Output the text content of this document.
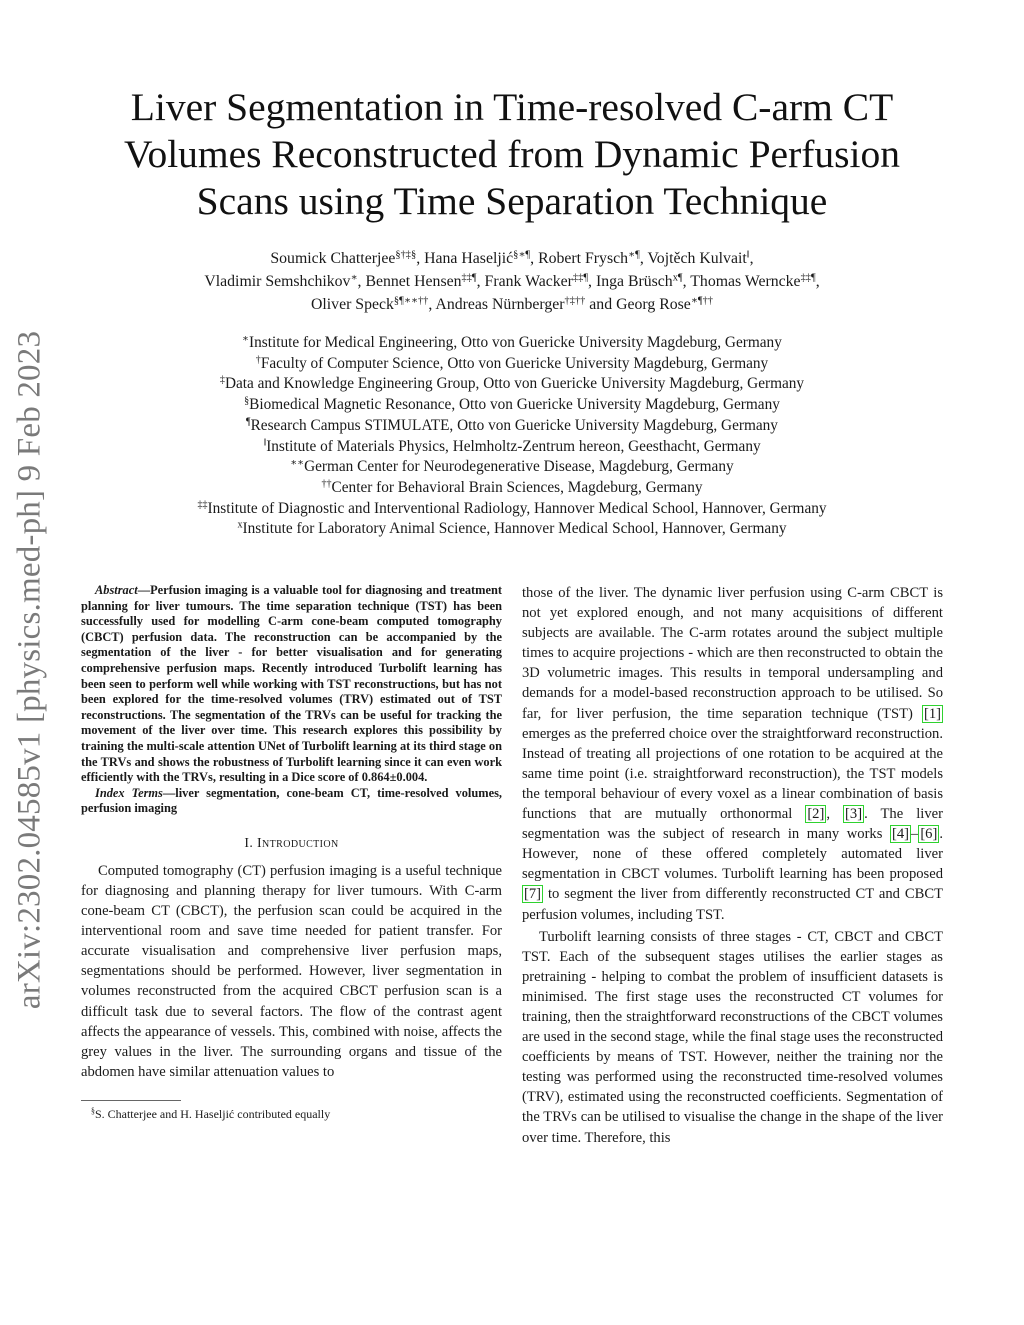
arXiv:2302.04585v1 [physics.med-ph] 9 Feb 2023
Liver Segmentation in Time-resolved C-arm CT
Volumes Reconstructed from Dynamic Perfusion
Scans using Time Separation Technique
Soumick Chatterjee§†‡§, Hana Haseljić§∗¶, Robert Frysch∗¶, Vojtěch Kulvait‖,
Vladimir Semshchikov∗, Bennet Hensen‡‡¶, Frank Wacker‡‡¶, Inga Brüsch$^{x\P}$, Thomas Werncke‡‡¶,
Oliver Speck§¶∗∗††, Andreas Nürnberger†‡†† and Georg Rose∗¶††
∗Institute for Medical Engineering, Otto von Guericke University Magdeburg, Germany
†Faculty of Computer Science, Otto von Guericke University Magdeburg, Germany
‡Data and Knowledge Engineering Group, Otto von Guericke University Magdeburg, Germany
§Biomedical Magnetic Resonance, Otto von Guericke University Magdeburg, Germany
¶Research Campus STIMULATE, Otto von Guericke University Magdeburg, Germany
‖Institute of Materials Physics, Helmholtz-Zentrum hereon, Geesthacht, Germany
∗∗German Center for Neurodegenerative Disease, Magdeburg, Germany
††Center for Behavioral Brain Sciences, Magdeburg, Germany
‡‡Institute of Diagnostic and Interventional Radiology, Hannover Medical School, Hannover, Germany
$^x$Institute for Laboratory Animal Science, Hannover Medical School, Hannover, Germany

Abstract—Perfusion imaging is a valuable tool for diagnosing and treatment planning for liver tumours. The time separation technique (TST) has been successfully used for modelling C-arm cone-beam computed tomography (CBCT) perfusion data. The reconstruction can be accompanied by the segmentation of the liver - for better visualisation and for generating comprehensive perfusion maps. Recently introduced Turbolift learning has been seen to perform well while working with TST reconstructions, but has not been explored for the time-resolved volumes (TRV) estimated out of TST reconstructions. The segmentation of the TRVs can be useful for tracking the movement of the liver over time. This research explores this possibility by training the multi-scale attention UNet of Turbolift learning at its third stage on the TRVs and shows the robustness of Turbolift learning since it can even work efficiently with the TRVs, resulting in a Dice score of 0.864±0.004.

Index Terms—liver segmentation, cone-beam CT, time-resolved volumes, perfusion imaging

I. Introduction

Computed tomography (CT) perfusion imaging is a useful technique for diagnosing and planning therapy for liver tumours. With C-arm cone-beam CT (CBCT), the perfusion scan could be acquired in the interventional room and save time needed for patient transfer. For accurate visualisation and comprehensive liver perfusion maps, segmentations should be performed. However, liver segmentation in volumes reconstructed from the acquired CBCT perfusion scan is a difficult task due to several factors. The flow of the contrast agent affects the appearance of vessels. This, combined with noise, affects the grey values in the liver. The surrounding organs and tissue of the abdomen have similar attenuation values to

§S. Chatterjee and H. Haseljić contributed equally

those of the liver. The dynamic liver perfusion using C-arm CBCT is not yet explored enough, and not many acquisitions of different subjects are available. The C-arm rotates around the subject multiple times to acquire projections - which are then reconstructed to obtain the 3D volumetric images. This results in temporal undersampling and demands for a model-based reconstruction approach to be utilised. So far, for liver perfusion, the time separation technique (TST) [1] emerges as the preferred choice over the straightforward reconstruction. Instead of treating all projections of one rotation to be acquired at the same time point (i.e. straightforward reconstruction), the TST models the temporal behaviour of every voxel as a linear combination of basis functions that are mutually orthonormal [2] , [3] . The liver segmentation was the subject of research in many works [4] – [6] . However, none of these offered completely automated liver segmentation in CBCT volumes. Turbolift learning has been proposed [7] to segment the liver from differently reconstructed CT and CBCT perfusion volumes, including TST.

Turbolift learning consists of three stages - CT, CBCT and CBCT TST. Each of the subsequent stages utilises the earlier stages as pretraining - helping to combat the problem of insufficient datasets is minimised. The first stage uses the reconstructed CT volumes for training, then the straightforward reconstructions of the CBCT volumes are used in the second stage, while the final stage uses the reconstructed coefficients by means of TST. However, neither the training nor the testing was performed using the reconstructed time-resolved volumes (TRV), estimated using the reconstructed coefficients. Segmentation of the TRVs can be utilised to visualise the change in the shape of the liver over time. Therefore, this
